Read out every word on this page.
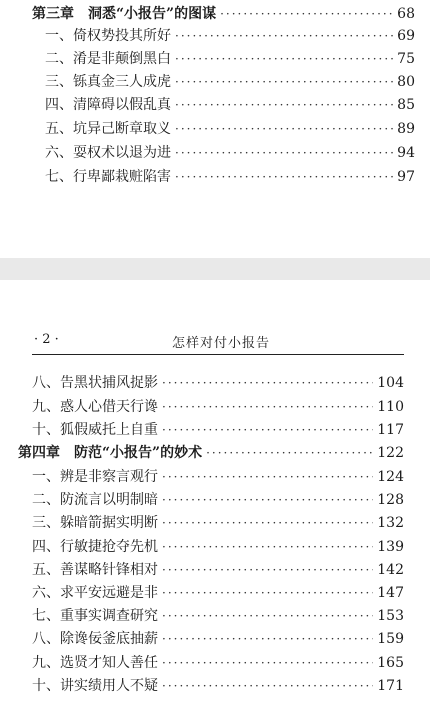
第三章　洞悉“小报告”的图谋 ·····	68
一、倚权势投其所好 ·····	69
二、淆是非颠倒黑白 ·····	75
三、铄真金三人成虎 ·····	80
四、清障碍以假乱真 ·····	85
五、坑异己断章取义 ·····	89
六、耍权术以退为进 ·····	94
七、行卑鄙栽赃陷害 ·····	97
· 2 ·	怎样对付小报告
八、告黑状捕风捉影 ·····	104
九、惑人心借天行谗 ·····	110
十、狐假威托上自重 ·····	117
第四章　防范“小报告”的妙术 ·····	122
一、辨是非察言观行 ·····	124
二、防流言以明制暗 ·····	128
三、躲暗箭据实明断 ·····	132
四、行敏捷抢夺先机 ·····	139
五、善谋略针锋相对 ·····	142
六、求平安远避是非 ·····	147
七、重事实调查研究 ·····	153
八、除谗佞釜底抽薪 ·····	159
九、选贤才知人善任 ·····	165
十、讲实绩用人不疑 ·····	171
